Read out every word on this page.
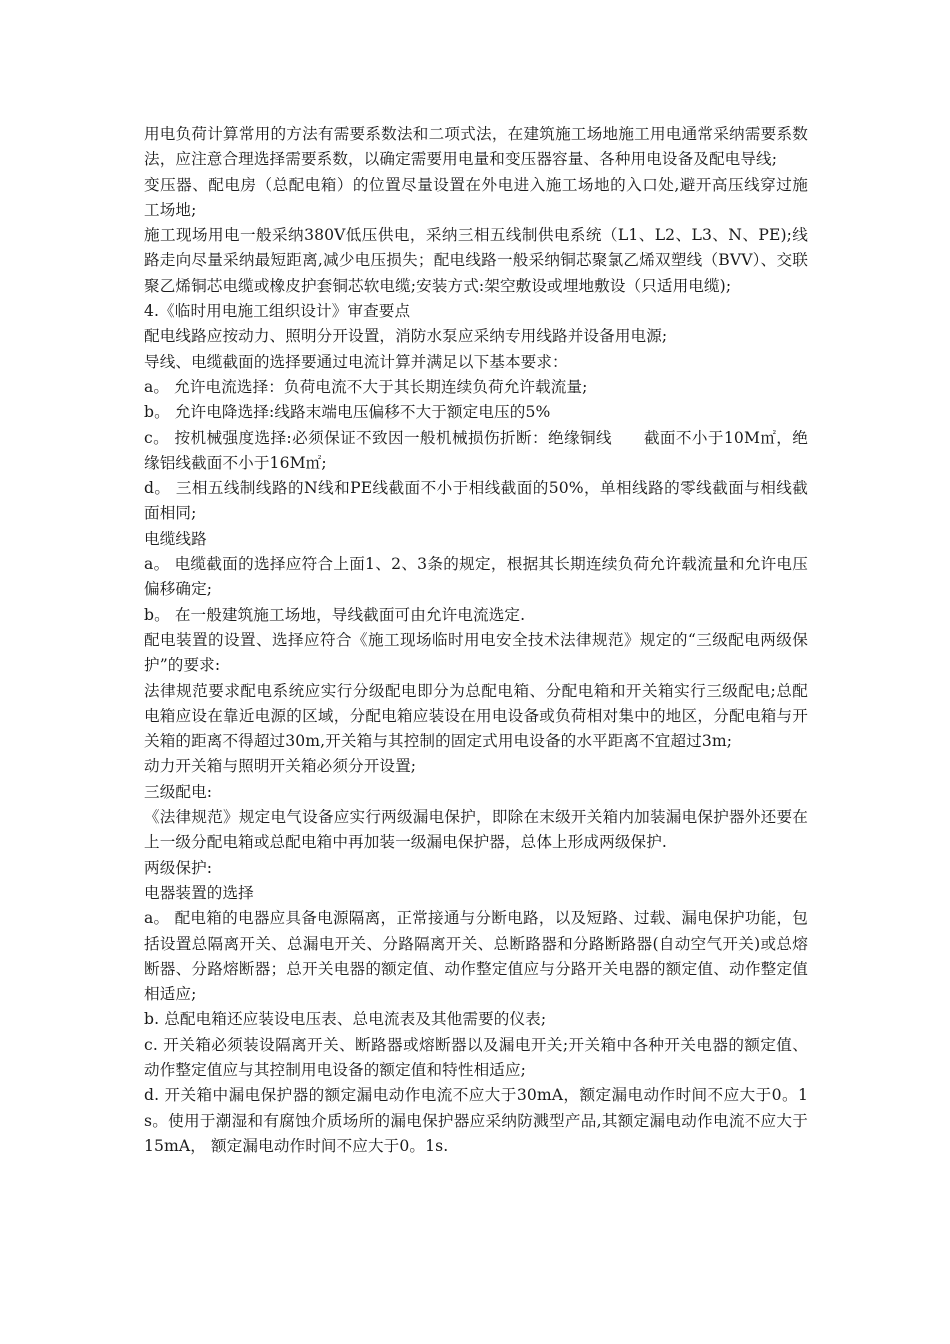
用电负荷计算常用的方法有需要系数法和二项式法，在建筑施工场地施工用电通常采纳需要系数法，应注意合理选择需要系数，以确定需要用电量和变压器容量、各种用电设备及配电导线;

变压器、配电房（总配电箱）的位置尽量设置在外电进入施工场地的入口处,避开高压线穿过施工场地;

施工现场用电一般采纳380V低压供电，采纳三相五线制供电系统（L1、L2、L3、N、PE);线路走向尽量采纳最短距离,减少电压损失；配电线路一般采纳铜芯聚氯乙烯双塑线（BVV）、交联聚乙烯铜芯电缆或橡皮护套铜芯软电缆;安装方式:架空敷设或埋地敷设（只适用电缆);

4.《临时用电施工组织设计》审查要点

配电线路应按动力、照明分开设置，消防水泵应采纳专用线路并设备用电源;

导线、电缆截面的选择要通过电流计算并满足以下基本要求：

a。 允许电流选择：负荷电流不大于其长期连续负荷允许载流量;

b。 允许电降选择:线路末端电压偏移不大于额定电压的5%

c。 按机械强度选择:必须保证不致因一般机械损伤折断：绝缘铜线　　截面不小于10M㎡，绝缘铝线截面不小于16M㎡;

d。 三相五线制线路的N线和PE线截面不小于相线截面的50%，单相线路的零线截面与相线截面相同;

电缆线路

a。 电缆截面的选择应符合上面1、2、3条的规定，根据其长期连续负荷允许载流量和允许电压偏移确定;

b。 在一般建筑施工场地，导线截面可由允许电流选定.

配电装置的设置、选择应符合《施工现场临时用电安全技术法律规范》规定的“三级配电两级保护”的要求:

法律规范要求配电系统应实行分级配电即分为总配电箱、分配电箱和开关箱实行三级配电;总配电箱应设在靠近电源的区域，分配电箱应装设在用电设备或负荷相对集中的地区，分配电箱与开关箱的距离不得超过30m,开关箱与其控制的固定式用电设备的水平距离不宜超过3m;

动力开关箱与照明开关箱必须分开设置;

三级配电:

《法律规范》规定电气设备应实行两级漏电保护，即除在末级开关箱内加装漏电保护器外还要在上一级分配电箱或总配电箱中再加装一级漏电保护器，总体上形成两级保护.

两级保护:

电器装置的选择

a。 配电箱的电器应具备电源隔离，正常接通与分断电路，以及短路、过载、漏电保护功能，包括设置总隔离开关、总漏电开关、分路隔离开关、总断路器和分路断路器(自动空气开关)或总熔断器、分路熔断器；总开关电器的额定值、动作整定值应与分路开关电器的额定值、动作整定值相适应;

b. 总配电箱还应装设电压表、总电流表及其他需要的仪表;

c. 开关箱必须装设隔离开关、断路器或熔断器以及漏电开关;开关箱中各种开关电器的额定值、动作整定值应与其控制用电设备的额定值和特性相适应;

d. 开关箱中漏电保护器的额定漏电动作电流不应大于30mA，额定漏电动作时间不应大于0。1s。使用于潮湿和有腐蚀介质场所的漏电保护器应采纳防溅型产品,其额定漏电动作电流不应大于15mA， 额定漏电动作时间不应大于0。1s.
